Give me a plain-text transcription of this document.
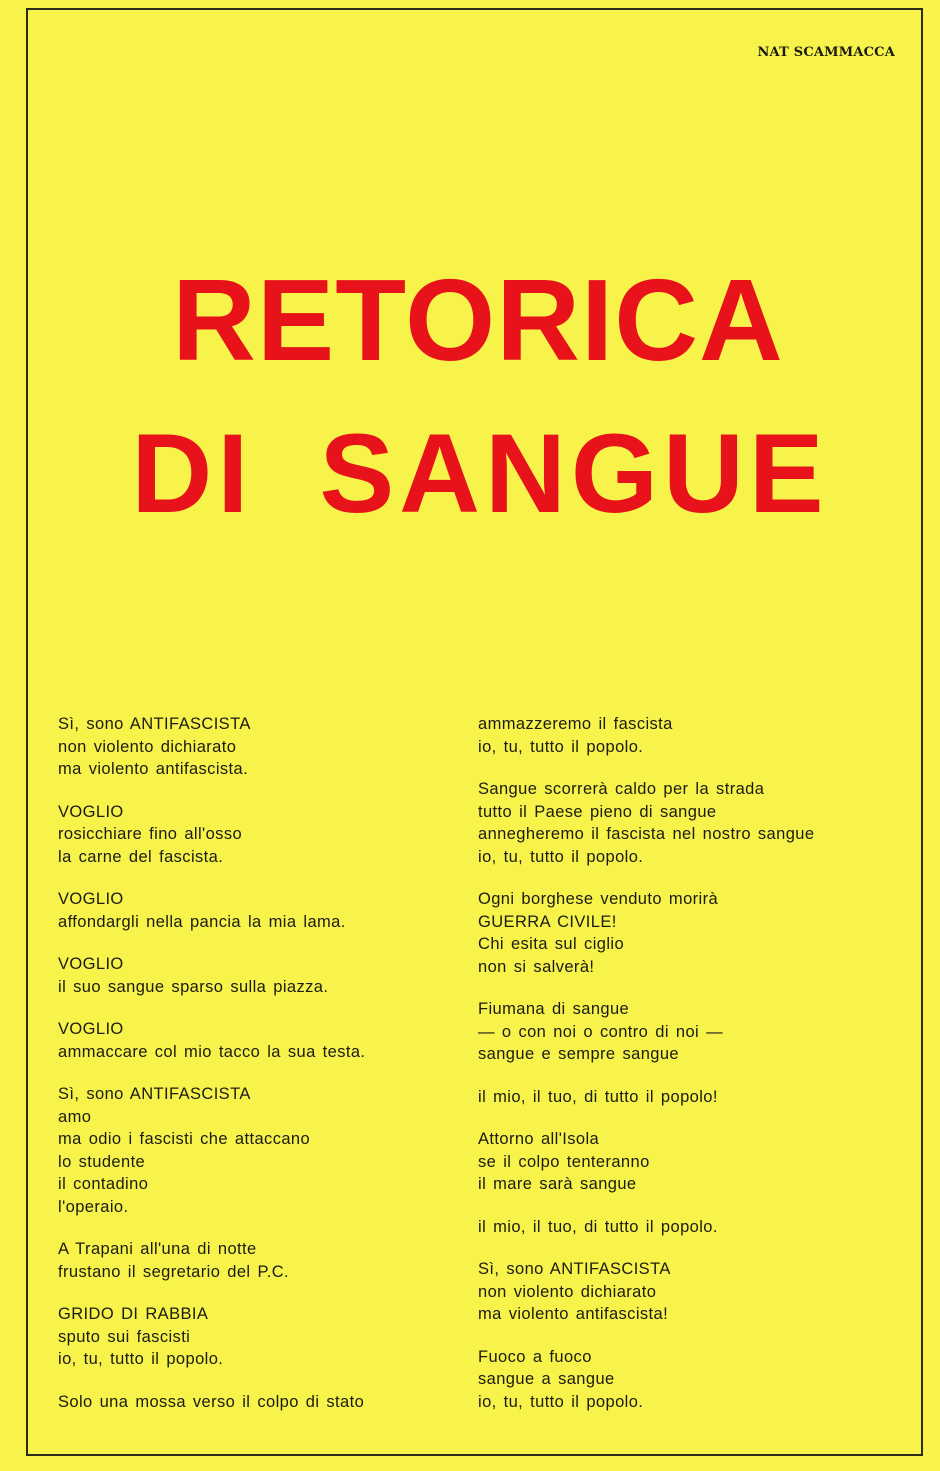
NAT SCAMMACCA
RETORICA
DI SANGUE
Sì, sono ANTIFASCISTA
non violento dichiarato
ma violento antifascista.
VOGLIO
rosicchiare fino all'osso
la carne del fascista.
VOGLIO
affondargli nella pancia la mia lama.
VOGLIO
il suo sangue sparso sulla piazza.
VOGLIO
ammaccare col mio tacco la sua testa.
Sì, sono ANTIFASCISTA
amo
ma odio i fascisti che attaccano
lo studente
il contadino
l'operaio.
A Trapani all'una di notte
frustano il segretario del P.C.
GRIDO DI RABBIA
sputo sui fascisti
io, tu, tutto il popolo.
Solo una mossa verso il colpo di stato
ammazzeremo il fascista
io, tu, tutto il popolo.
Sangue scorrerà caldo per la strada
tutto il Paese pieno di sangue
annegheremo il fascista nel nostro sangue
io, tu, tutto il popolo.
Ogni borghese venduto morirà
GUERRA CIVILE!
Chi esita sul ciglio
non si salverà!
Fiumana di sangue
— o con noi o contro di noi —
sangue e sempre sangue
il mio, il tuo, di tutto il popolo!
Attorno all'Isola
se il colpo tenteranno
il mare sarà sangue
il mio, il tuo, di tutto il popolo.
Sì, sono ANTIFASCISTA
non violento dichiarato
ma violento antifascista!
Fuoco a fuoco
sangue a sangue
io, tu, tutto il popolo.
